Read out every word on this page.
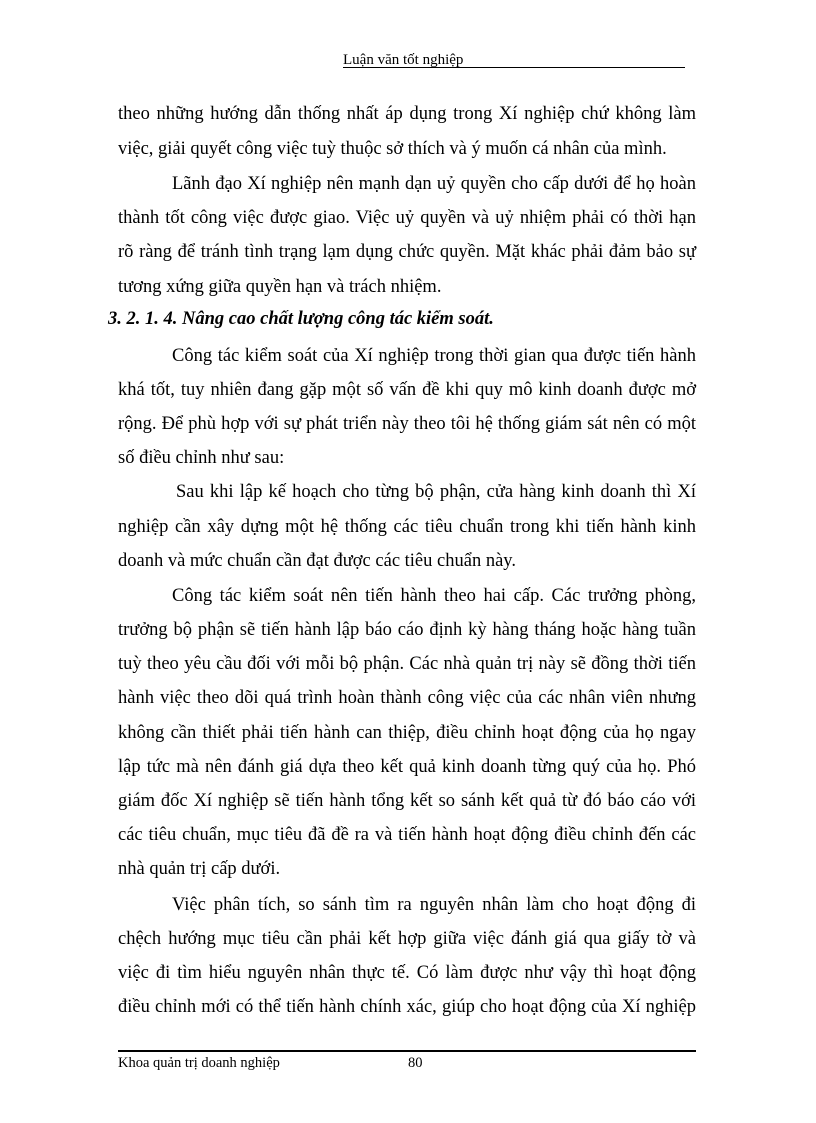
Luận văn tốt nghiệp
theo những hướng dẫn thống nhất áp dụng trong Xí nghiệp chứ không làm
việc, giải quyết công việc tuỳ thuộc sở thích và ý muốn cá nhân của mình.
Lãnh đạo Xí nghiệp nên mạnh dạn uỷ quyền cho cấp dưới để họ hoàn
thành tốt công việc được giao. Việc uỷ quyền và uỷ nhiệm phải có thời hạn
rõ ràng để tránh tình trạng lạm dụng chức quyền. Mặt khác phải đảm bảo sự
tương xứng giữa quyền hạn và trách nhiệm.
3. 2. 1. 4. Nâng cao chất lượng công tác kiểm soát.
Công tác kiểm soát của Xí nghiệp trong thời gian qua được tiến hành
khá tốt, tuy nhiên đang gặp một số vấn đề khi quy mô kinh doanh được mở
rộng. Để phù hợp với sự phát triển này theo tôi hệ thống giám sát nên có một
số điều chỉnh như sau:
Sau khi lập kế hoạch cho từng bộ phận, cửa hàng kinh doanh thì Xí
nghiệp cần xây dựng một hệ thống các tiêu chuẩn trong khi tiến hành kinh
doanh và mức chuẩn cần đạt được các tiêu chuẩn này.
Công tác kiểm soát nên tiến hành theo hai cấp. Các trưởng phòng,
trưởng bộ phận sẽ tiến hành lập báo cáo định kỳ hàng tháng hoặc hàng tuần
tuỳ theo yêu cầu đối với mỗi bộ phận. Các nhà quản trị này sẽ đồng thời tiến
hành việc theo dõi quá trình hoàn thành công việc của các nhân viên nhưng
không cần thiết phải tiến hành can thiệp, điều chỉnh hoạt động của họ ngay
lập tức mà nên đánh giá dựa theo kết quả kinh doanh từng quý của họ. Phó
giám đốc Xí nghiệp sẽ tiến hành tổng kết so sánh kết quả từ đó báo cáo với
các tiêu chuẩn, mục tiêu đã đề ra và tiến hành hoạt động điều chỉnh đến các
nhà quản trị cấp dưới.
Việc phân tích, so sánh tìm ra nguyên nhân làm cho hoạt động đi
chệch hướng mục tiêu cần phải kết hợp giữa việc đánh giá qua giấy tờ và
việc đi tìm hiểu nguyên nhân thực tế. Có làm được như vậy thì hoạt động
điều chỉnh mới có thể tiến hành chính xác, giúp cho hoạt động của Xí nghiệp
Khoa quản trị doanh nghiệp	80
